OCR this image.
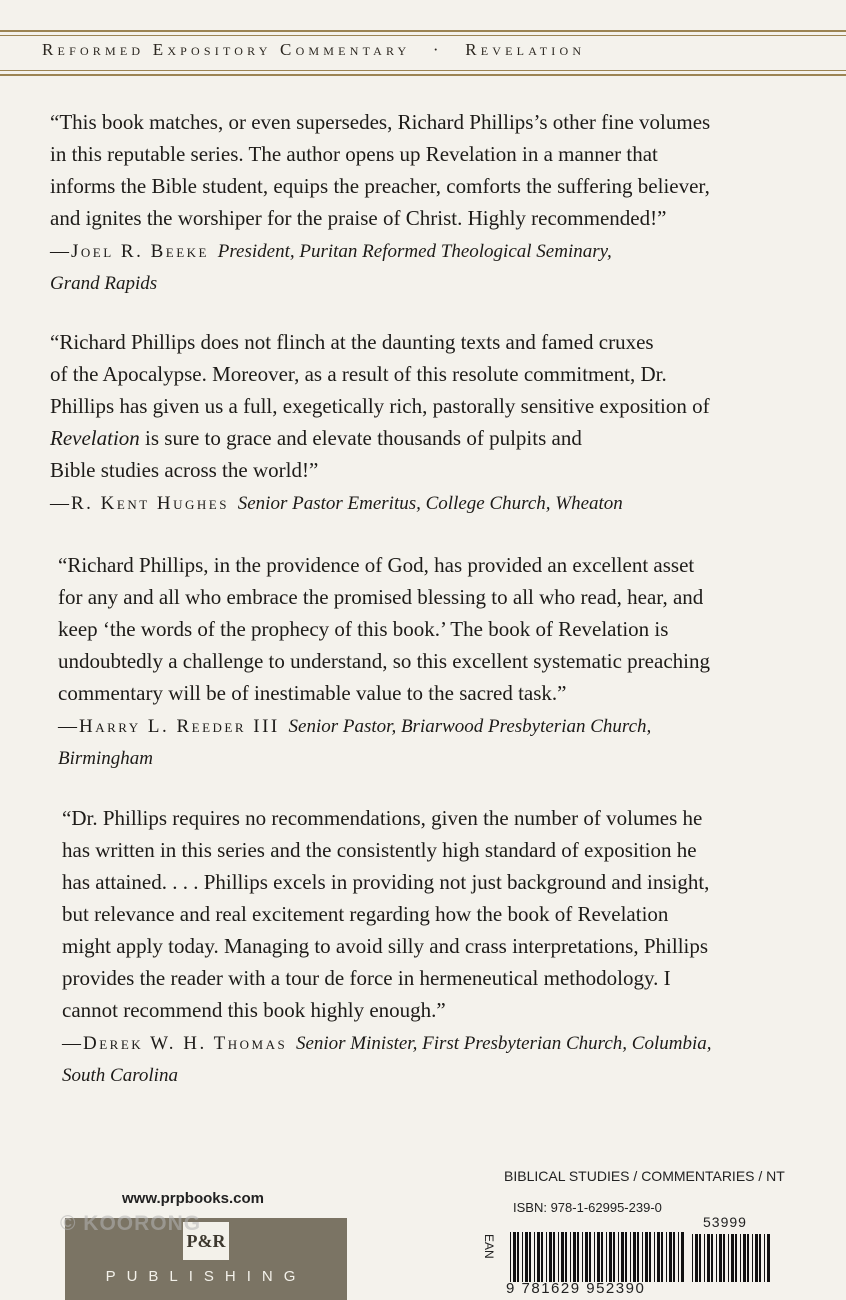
Reformed Expository Commentary · Revelation

“This book matches, or even supersedes, Richard Phillips’s other fine volumes
in this reputable series. The author opens up Revelation in a manner that
informs the Bible student, equips the preacher, comforts the suffering believer,
and ignites the worshiper for the praise of Christ. Highly recommended!”

— Joel R. Beeke President, Puritan Reformed Theological Seminary,
Grand Rapids

“Richard Phillips does not flinch at the daunting texts and famed cruxes
of the Apocalypse. Moreover, as a result of this resolute commitment, Dr.
Phillips has given us a full, exegetically rich, pastorally sensitive exposition of
Revelation is sure to grace and elevate thousands of pulpits and
Bible studies across the world!”

— R. Kent Hughes Senior Pastor Emeritus, College Church, Wheaton

“Richard Phillips, in the providence of God, has provided an excellent asset
for any and all who embrace the promised blessing to all who read, hear, and
keep ‘the words of the prophecy of this book.’ The book of Revelation is
undoubtedly a challenge to understand, so this excellent systematic preaching
commentary will be of inestimable value to the sacred task.”

— Harry L. Reeder III Senior Pastor, Briarwood Presbyterian Church,
Birmingham

“Dr. Phillips requires no recommendations, given the number of volumes he
has written in this series and the consistently high standard of exposition he
has attained. . . . Phillips excels in providing not just background and insight,
but relevance and real excitement regarding how the book of Revelation
might apply today. Managing to avoid silly and crass interpretations, Phillips
provides the reader with a tour de force in hermeneutical methodology. I
cannot recommend this book highly enough.”

— Derek W. H. Thomas Senior Minister, First Presbyterian Church, Columbia,
South Carolina

www.prpbooks.com
P&R
PUBLISHING
© KOORONG
BIBLICAL STUDIES / COMMENTARIES / NT
ISBN: 978-1-62995-239-0
EAN
53999
9 781629 952390
